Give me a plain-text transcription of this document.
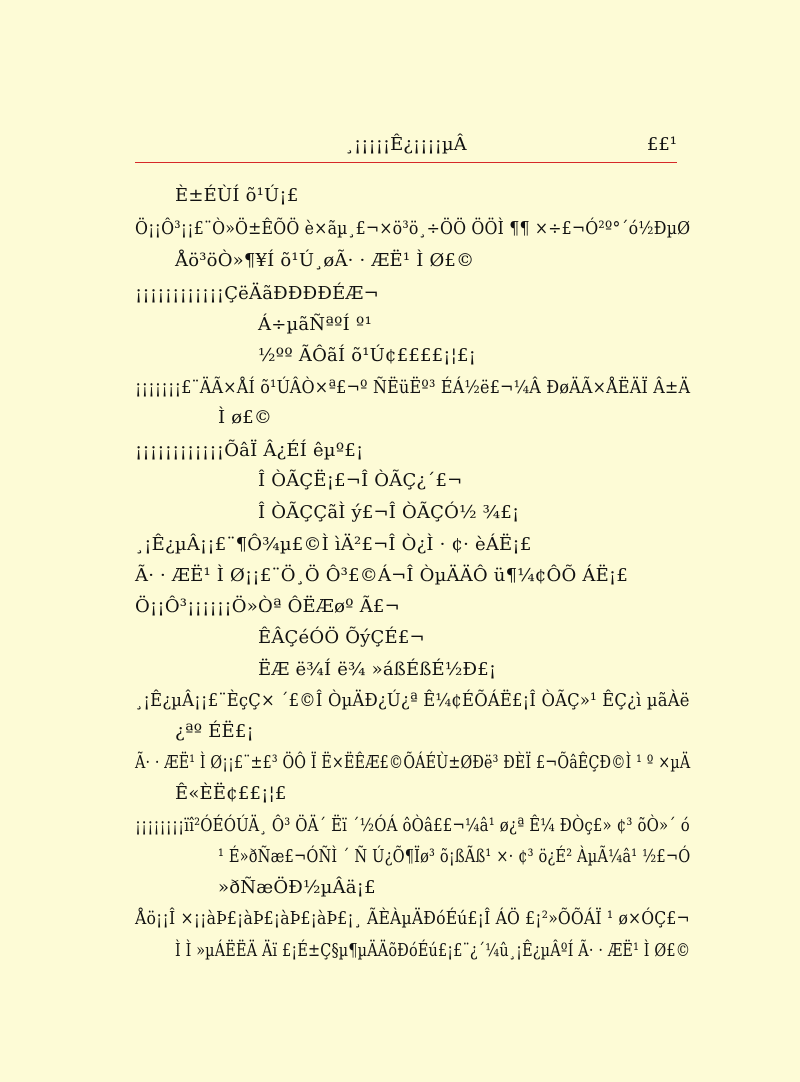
¸¡¡¡¡¡Ê¿¡¡¡¡µÂ	££¹
È±ÉÙÍ õ¹Ú¡£
Ö¡¡Ô³¡¡£¨Ò»Ö±ÊÕÖ è×ãµ¸£¬×ö³ö¸÷ÖÖ ÖÖÌ ¶¶ ×÷£¬Ó²º°´ó½ÐµØ
Åö³öÒ»¶¥Í õ¹Ú¸øÃ· · ÆË¹ Ì Ø£©
¡¡¡¡¡¡¡¡¡¡¡¡ÇëÄãÐÐÐÐÉÆ¬
Á÷µãÑªºÍ º¹
½ºº ÃÔãÍ õ¹Ú¢££££¡¦£¡
¡¡¡¡¡¡¡£¨ÄÃ×ÅÍ õ¹ÚÂÒ×ª£¬º ÑËüËº³ ÉÁ½ë£¬¼Â ÐøÄÃ×ÅËÄÏ Â±Ä
Ì ø£©
¡¡¡¡¡¡¡¡¡¡¡¡ÕâÏ Â¿ÉÍ êµº£¡
Î ÒÃÇË¡£¬Î ÒÃÇ¿´£¬
Î ÒÃÇÇãÌ ý£¬Î ÒÃÇÓ½ ¾£¡
¸¡Ê¿µÂ¡¡£¨¶Ô¾µ£©Ì ìÄ²£¬Î Ò¿Ì · ¢· èÁË¡£
Ã· · ÆË¹ Ì Ø¡¡£¨Ö¸Ö Ô³£©Á¬Î ÒµÄÄÔ ü¶¼¢ÔÕ ÁË¡£
Ö¡¡Ô³¡¡¡¡¡¡Ö»Òª ÔËÆøº Ã£¬
ÊÂÇéÓÖ ÕýÇÉ£¬
ËÆ ë¾Í ë¾ »áßÉßÉ½Ð£¡
¸¡Ê¿µÂ¡¡£¨ÈçÇ× ´£©Î ÒµÄÐ¿Ú¿ª Ê¼¢ÉÕÁË£¡Î ÒÃÇ»¹ ÊÇ¿ì µãÀë
¿ªº ÉË£¡
Ã· · ÆË¹ Ì Ø¡¡£¨±£³ ÖÔ Ï Ë×ËÊÆ£©ÕÁÉÙ±ØÐë³ ÐÈÏ £¬ÕâÊÇÐ©Ì ¹ º ×µÄ
Ê«ÈË¢££¡¦£
¡¡¡¡¡¡¡¡ïî²ÓÉÓÚÄ¸ Ô³ ÖÄ´ Ëï ´½ÓÁ ôÒâ££¬¼â¹ ø¿ª Ê¼ ÐÒç£» ¢³ õÒ»´ ó
¹ É»ðÑæ£¬ÓÑÌ ´ Ñ Ú¿Õ¶Ïø³ õ¡ßÃß¹ ×· ¢³ ö¿É² ÀµÃ¼â¹ ½£¬Ó
»ðÑæÖÐ½µÂä¡£
Åö¡¡Î ×¡¡àÞ£¡àÞ£¡àÞ£¡àÞ£¡¸ ÃÈÀµÄÐóÉú£¡Î ÁÖ £¡²»ÕÕÁÏ ¹ ø×ÓÇ£¬
Ì Ì »µÁËËÄ Äï £¡É±Ç§µ¶µÄÄõÐóÉú£¡£¨¿´¼û¸¡Ê¿µÂºÍ Ã· · ÆË¹ Ì Ø£©
